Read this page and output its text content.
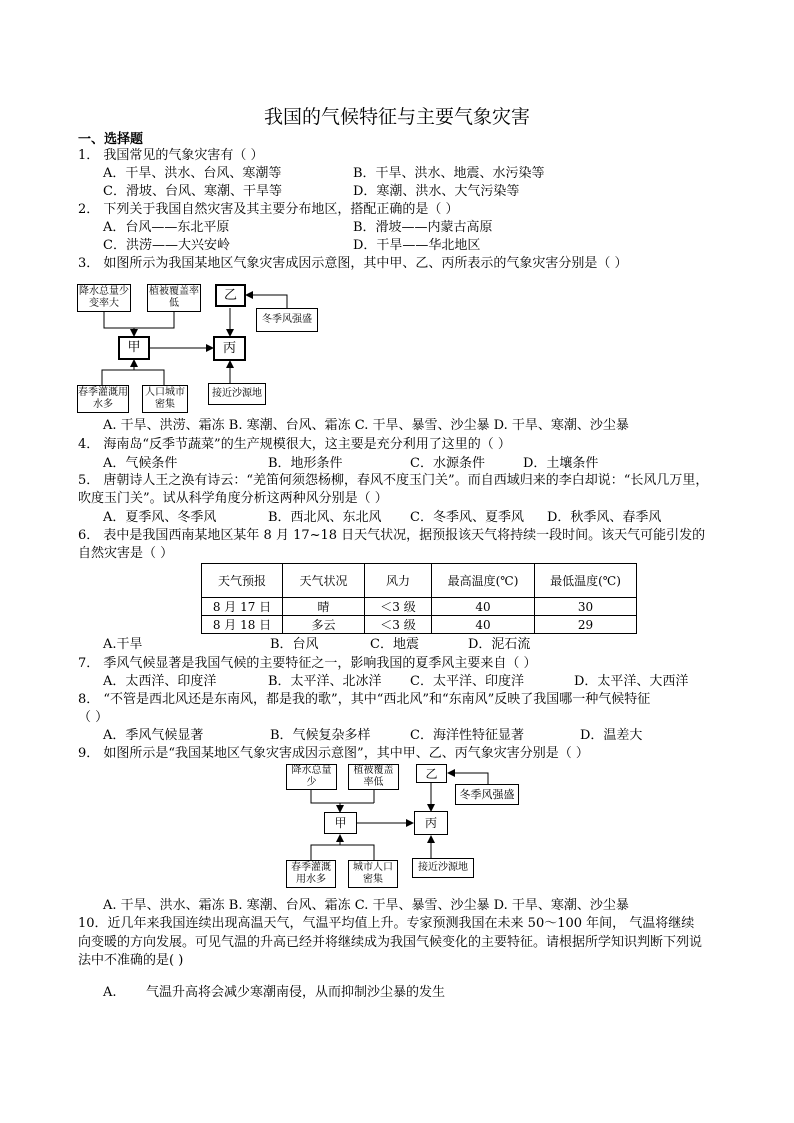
我国的气候特征与主要气象灾害
一、选择题
1． 我国常见的气象灾害有（ ）
A．干旱、洪水、台风、寒潮等	B．干旱、洪水、地震、水污染等
C．滑坡、台风、寒潮、干旱等	D．寒潮、洪水、大气污染等
2． 下列关于我国自然灾害及其主要分布地区，搭配正确的是（ ）
A．台风——东北平原	B．滑坡——内蒙古高原
C．洪涝——大兴安岭	D．干旱——华北地区
3． 如图所示为我国某地区气象灾害成因示意图，其中甲、乙、丙所表示的气象灾害分别是（ ）
降水总量少变率大
植被覆盖率低
乙
冬季风强盛
甲	丙
春季灌溉用水多
人口城市密集
接近沙源地
A. 干旱、洪涝、霜冻 B. 寒潮、台风、霜冻 C. 干旱、暴雪、沙尘暴 D. 干旱、寒潮、沙尘暴
4． 海南岛“反季节蔬菜”的生产规模很大，这主要是充分利用了这里的（ ）
A．气候条件	B．地形条件	C．水源条件	D．土壤条件
5． 唐朝诗人王之涣有诗云：“羌笛何须怨杨柳，春风不度玉门关”。而自西域归来的李白却说：“长风几万里，
吹度玉门关”。试从科学角度分析这两种风分别是（ ）
A．夏季风、冬季风	B．西北风、东北风 C．冬季风、夏季风 D．秋季风、春季风
6． 表中是我国西南某地区某年 8 月 17~18 日天气状况，据预报该天气将持续一段时间。该天气可能引发的
自然灾害是（ ）
天气预报	天气状况	风力	最高温度(℃)	最低温度(℃)
8 月 17 日	晴	＜3 级	40	30
8 月 18 日	多云	＜3 级	40	29
A.干旱	B．台风	C．地震	D．泥石流
7． 季风气候显著是我国气候的主要特征之一，影响我国的夏季风主要来自（ ）
A．太西洋、印度洋	B．太平洋、北冰洋 C．太平洋、印度洋	D．太平洋、大西洋
8． “不管是西北风还是东南风，都是我的歌”，其中“西北风”和“东南风”反映了我国哪一种气候特征
（ ）
A．季风气候显著	B．气候复杂多样	C．海洋性特征显著	D．温差大
9． 如图所示是“我国某地区气象灾害成因示意图”，其中甲、乙、丙气象灾害分别是（ ）
降水总量少
植被覆盖率低
乙
冬季风强盛
甲	丙
春季灌溉用水多
城市人口密集
接近沙源地
A. 干旱、洪水、霜冻 B. 寒潮、台风、霜冻 C. 干旱、暴雪、沙尘暴 D. 干旱、寒潮、沙尘暴
10．近几年来我国连续出现高温天气，气温平均值上升。专家预测我国在未来 50～100 年间， 气温将继续
向变暖的方向发展。可见气温的升高已经并将继续成为我国气候变化的主要特征。请根据所学知识判断下列说
法中不准确的是( )
A. 气温升高将会减少寒潮南侵，从而抑制沙尘暴的发生
